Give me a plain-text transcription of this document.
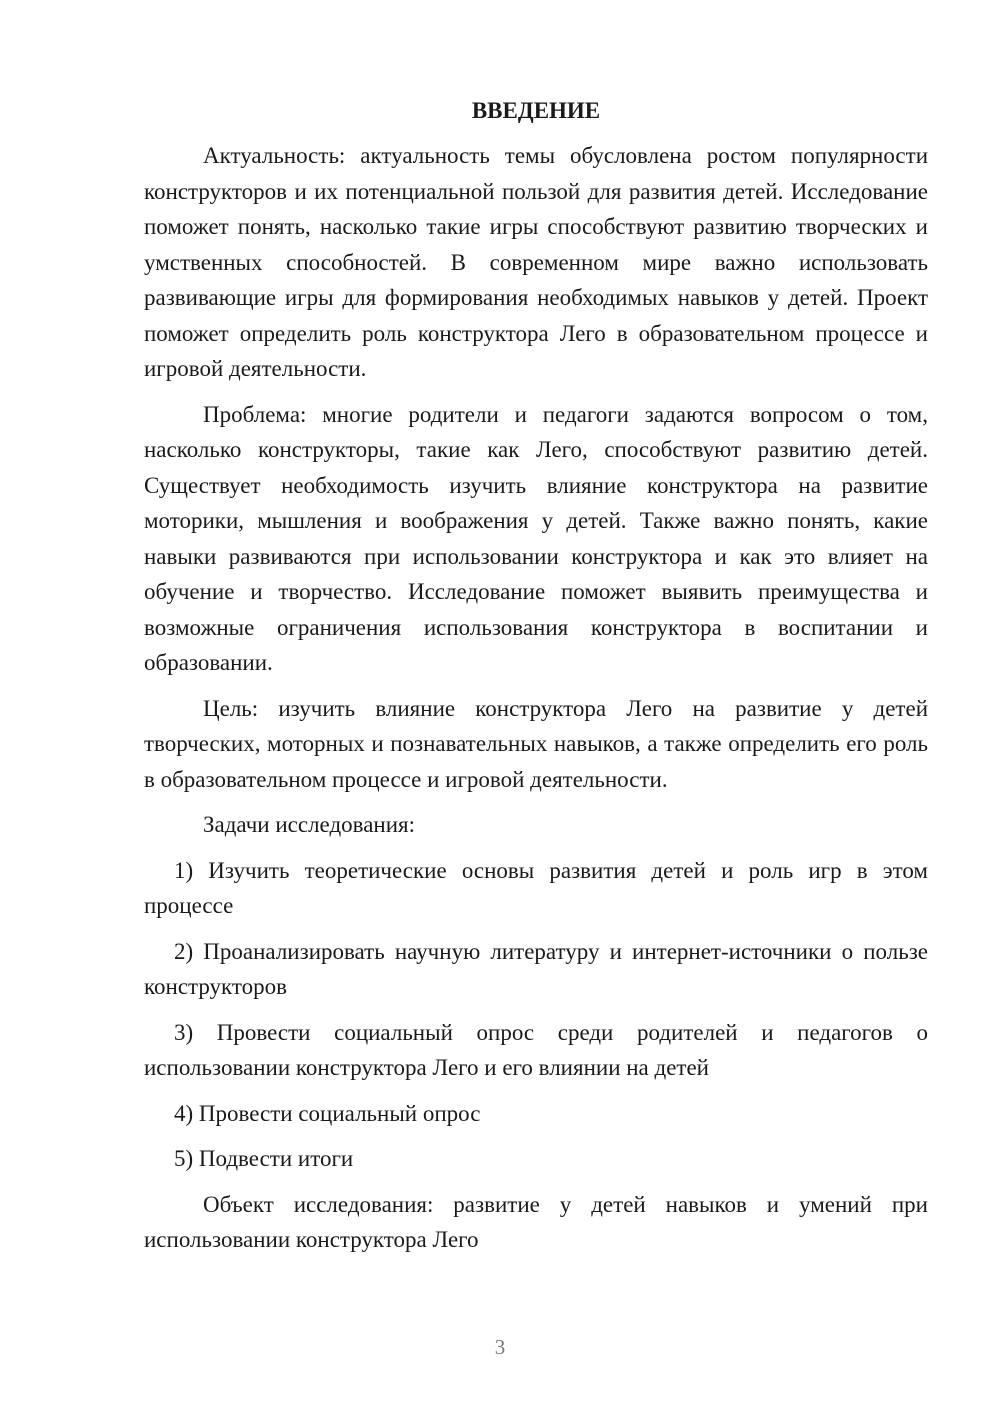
ВВЕДЕНИЕ

Актуальность: актуальность темы обусловлена ростом популярности конструкторов и их потенциальной пользой для развития детей. Исследование поможет понять, насколько такие игры способствуют развитию творческих и умственных способностей. В современном мире важно использовать развивающие игры для формирования необходимых навыков у детей. Проект поможет определить роль конструктора Лего в образовательном процессе и игровой деятельности.

Проблема: многие родители и педагоги задаются вопросом о том, насколько конструкторы, такие как Лего, способствуют развитию детей. Существует необходимость изучить влияние конструктора на развитие моторики, мышления и воображения у детей. Также важно понять, какие навыки развиваются при использовании конструктора и как это влияет на обучение и творчество. Исследование поможет выявить преимущества и возможные ограничения использования конструктора в воспитании и образовании.

Цель: изучить влияние конструктора Лего на развитие у детей творческих, моторных и познавательных навыков, а также определить его роль в образовательном процессе и игровой деятельности.

Задачи исследования:

1) Изучить теоретические основы развития детей и роль игр в этом процессе

2) Проанализировать научную литературу и интернет-источники о пользе конструкторов

3) Провести социальный опрос среди родителей и педагогов о использовании конструктора Лего и его влиянии на детей

4) Провести социальный опрос

5) Подвести итоги

Объект исследования: развитие у детей навыков и умений при использовании конструктора Лего

3
